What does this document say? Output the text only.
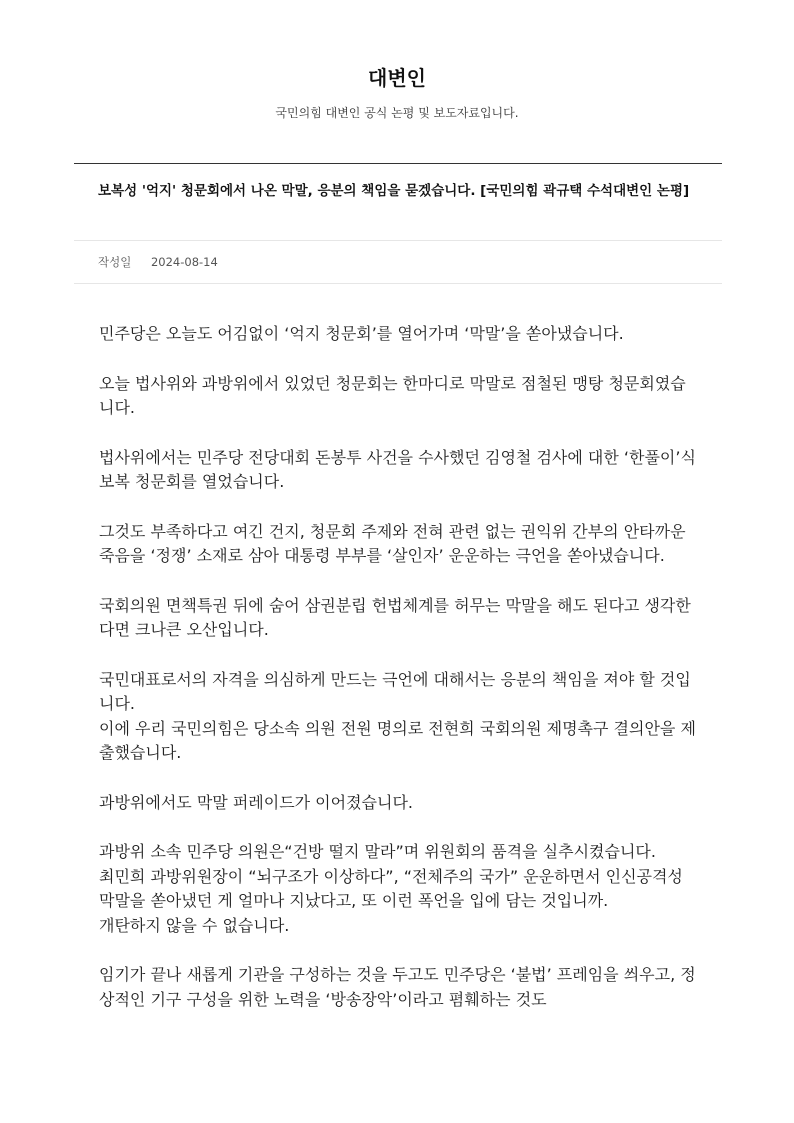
대변인
국민의힘 대변인 공식 논평 및 보도자료입니다.
보복성 '억지' 청문회에서 나온 막말, 응분의 책임을 묻겠습니다. [국민의힘 곽규택 수석대변인 논평]
작성일 2024-08-14

민주당은 오늘도 어김없이 ‘억지 청문회’를 열어가며 ‘막말’을 쏟아냈습니다.

오늘 법사위와 과방위에서 있었던 청문회는 한마디로 막말로 점철된 맹탕 청문회였습니다.

법사위에서는 민주당 전당대회 돈봉투 사건을 수사했던 김영철 검사에 대한 ‘한풀이’식 보복 청문회를 열었습니다.

그것도 부족하다고 여긴 건지, 청문회 주제와 전혀 관련 없는 권익위 간부의 안타까운 죽음을 ‘정쟁’ 소재로 삼아 대통령 부부를 ‘살인자’ 운운하는 극언을 쏟아냈습니다.

국회의원 면책특권 뒤에 숨어 삼권분립 헌법체계를 허무는 막말을 해도 된다고 생각한다면 크나큰 오산입니다.

국민대표로서의 자격을 의심하게 만드는 극언에 대해서는 응분의 책임을 져야 할 것입니다.
이에 우리 국민의힘은 당소속 의원 전원 명의로 전현희 국회의원 제명촉구 결의안을 제출했습니다.

과방위에서도 막말 퍼레이드가 이어졌습니다.

과방위 소속 민주당 의원은“건방 떨지 말라”며 위원회의 품격을 실추시켰습니다.
최민희 과방위원장이 “뇌구조가 이상하다”, “전체주의 국가” 운운하면서 인신공격성 막말을 쏟아냈던 게 얼마나 지났다고, 또 이런 폭언을 입에 담는 것입니까.
개탄하지 않을 수 없습니다.

임기가 끝나 새롭게 기관을 구성하는 것을 두고도 민주당은 ‘불법’ 프레임을 씌우고, 정상적인 기구 구성을 위한 노력을 ‘방송장악’이라고 폄훼하는 것도
